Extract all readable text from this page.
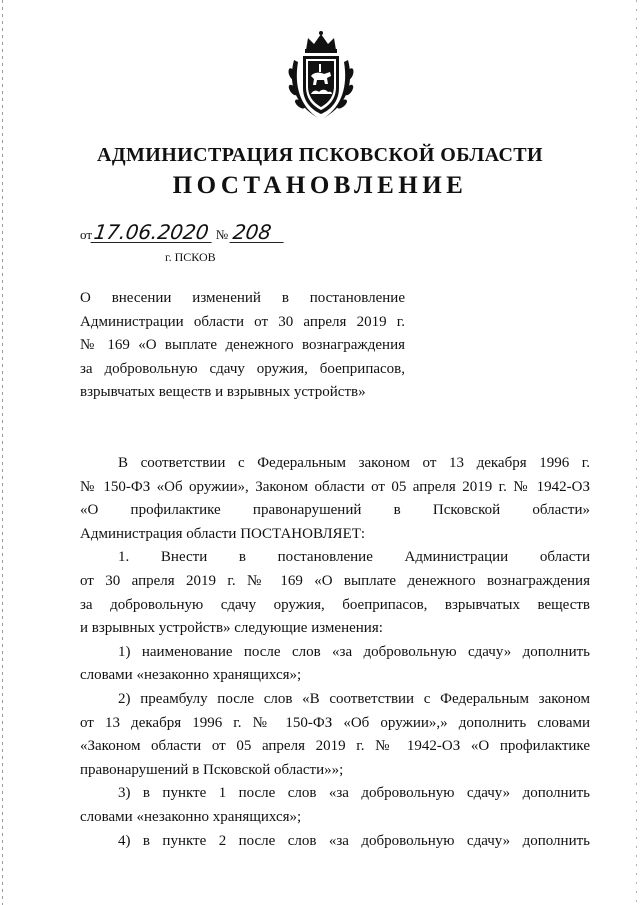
АДМИНИСТРАЦИЯ ПСКОВСКОЙ ОБЛАСТИ
ПОСТАНОВЛЕНИЕ
от17.06.2020 № 208
г. ПСКОВ
О внесении изменений в постановление
Администрации области от 30 апреля 2019 г.
№ 169 «О выплате денежного вознаграждения
за добровольную сдачу оружия, боеприпасов,
взрывчатых веществ и взрывных устройств»
В соответствии с Федеральным законом от 13 декабря 1996 г.
№ 150-ФЗ «Об оружии», Законом области от 05 апреля 2019 г. № 1942-ОЗ
«О профилактике правонарушений в Псковской области»
Администрация области ПОСТАНОВЛЯЕТ:
1. Внести в постановление Администрации области
от 30 апреля 2019 г. № 169 «О выплате денежного вознаграждения
за добровольную сдачу оружия, боеприпасов, взрывчатых веществ
и взрывных устройств» следующие изменения:
1) наименование после слов «за добровольную сдачу» дополнить
словами «незаконно хранящихся»;
2) преамбулу после слов «В соответствии с Федеральным законом
от 13 декабря 1996 г. № 150-ФЗ «Об оружии»,» дополнить словами
«Законом области от 05 апреля 2019 г. № 1942-ОЗ «О профилактике
правонарушений в Псковской области»»;
3) в пункте 1 после слов «за добровольную сдачу» дополнить
словами «незаконно хранящихся»;
4) в пункте 2 после слов «за добровольную сдачу» дополнить
